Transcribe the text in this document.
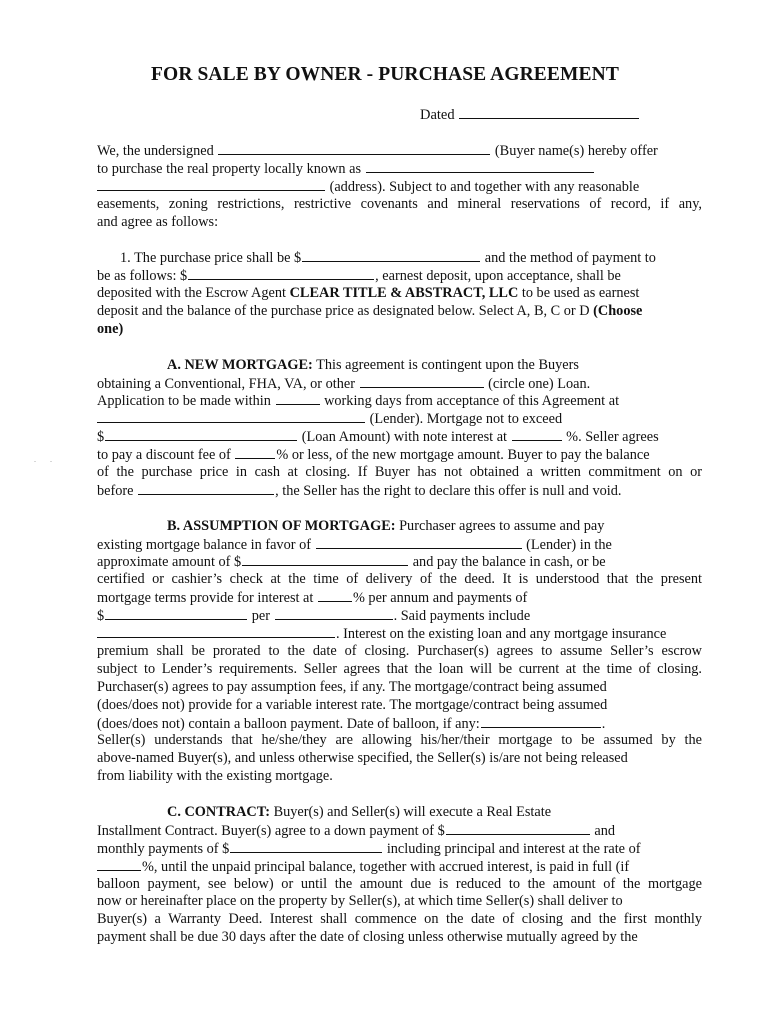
FOR SALE BY OWNER - PURCHASE AGREEMENT
Dated
. .
We, the undersigned	(Buyer name(s) hereby offer
to purchase the real property locally known as
(address). Subject to and together with any reasonable
easements, zoning restrictions, restrictive covenants and mineral reservations of record, if any,
and agree as follows:
1. The purchase price shall be $	and the method of payment to
be as follows: $	, earnest deposit, upon acceptance, shall be
deposited with the Escrow Agent CLEAR TITLE & ABSTRACT, LLC to be used as earnest
deposit and the balance of the purchase price as designated below. Select A, B, C or D (Choose
one)
A. NEW MORTGAGE: This agreement is contingent upon the Buyers
obtaining a Conventional, FHA, VA, or other	(circle one) Loan.
Application to be made within	working days from acceptance of this Agreement at
(Lender). Mortgage not to exceed
$	(Loan Amount) with note interest at	%. Seller agrees
to pay a discount fee of	% or less, of the new mortgage amount. Buyer to pay the balance
of the purchase price in cash at closing. If Buyer has not obtained a written commitment on or
before	, the Seller has the right to declare this offer is null and void.
B. ASSUMPTION OF MORTGAGE: Purchaser agrees to assume and pay
existing mortgage balance in favor of	(Lender) in the
approximate amount of $	and pay the balance in cash, or be
certified or cashier’s check at the time of delivery of the deed. It is understood that the present
mortgage terms provide for interest at	% per annum and payments of
$	per	. Said payments include
. Interest on the existing loan and any mortgage insurance
premium shall be prorated to the date of closing. Purchaser(s) agrees to assume Seller’s escrow
subject to Lender’s requirements. Seller agrees that the loan will be current at the time of closing.
Purchaser(s) agrees to pay assumption fees, if any. The mortgage/contract being assumed
(does/does not) provide for a variable interest rate. The mortgage/contract being assumed
(does/does not) contain a balloon payment. Date of balloon, if any:	.
Seller(s) understands that he/she/they are allowing his/her/their mortgage to be assumed by the
above-named Buyer(s), and unless otherwise specified, the Seller(s) is/are not being released
from liability with the existing mortgage.
C. CONTRACT: Buyer(s) and Seller(s) will execute a Real Estate
Installment Contract. Buyer(s) agree to a down payment of $	and
monthly payments of $	including principal and interest at the rate of
%, until the unpaid principal balance, together with accrued interest, is paid in full (if
balloon payment, see below) or until the amount due is reduced to the amount of the mortgage
now or hereinafter place on the property by Seller(s), at which time Seller(s) shall deliver to
Buyer(s) a Warranty Deed. Interest shall commence on the date of closing and the first monthly
payment shall be due 30 days after the date of closing unless otherwise mutually agreed by the
